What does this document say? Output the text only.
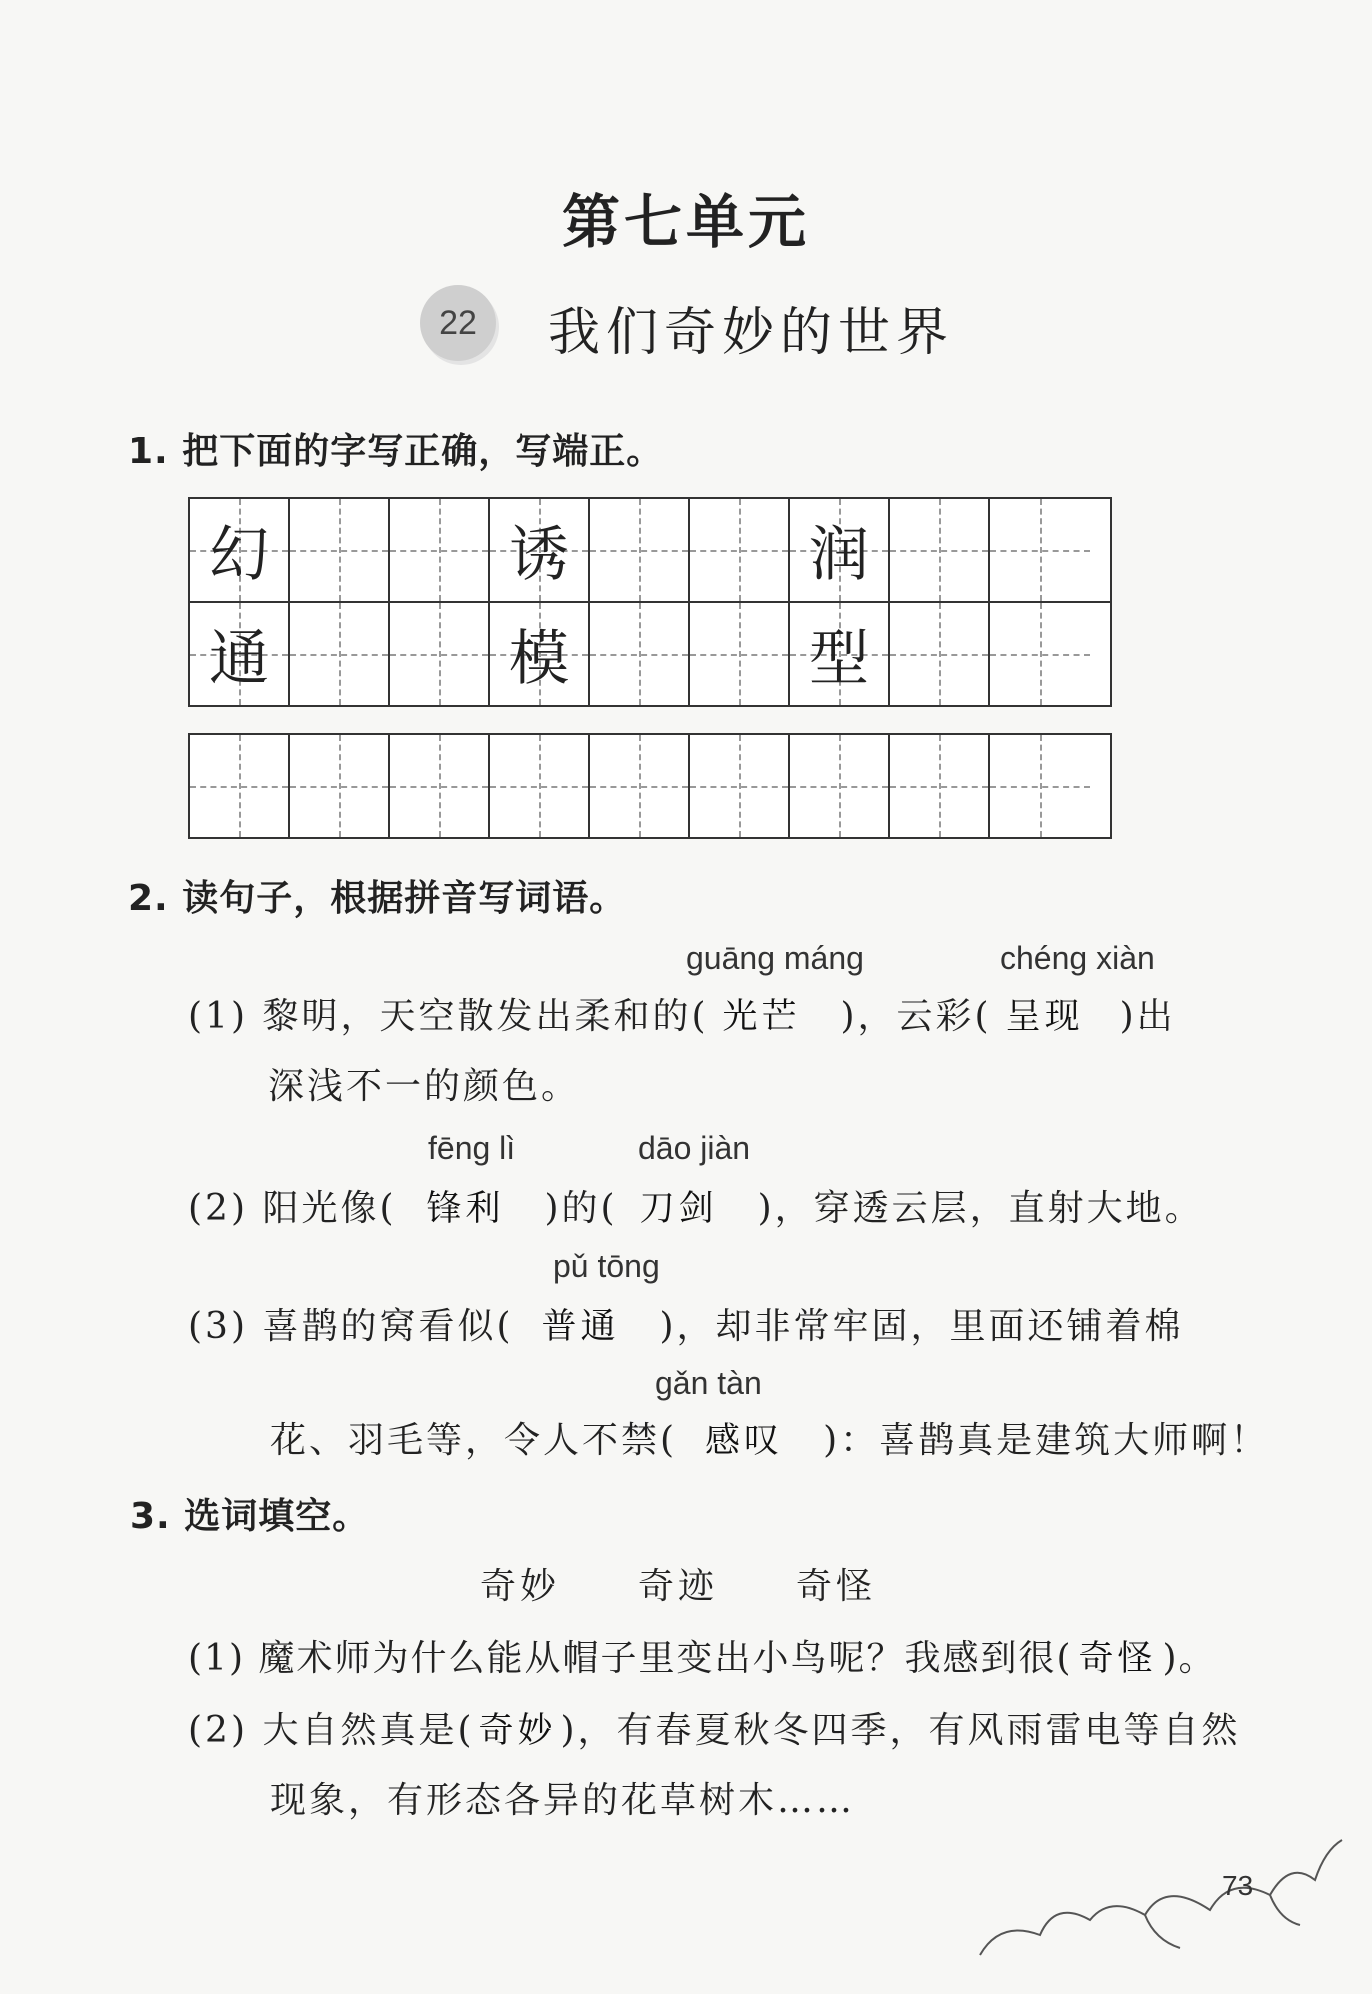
第七单元
22	我们奇妙的世界
1. 把下面的字写正确，写端正。
幻	诱	润
通	模	型
2. 读句子，根据拼音写词语。
guāng máng	chéng xiàn
(1) 黎明，天空散发出柔和的( 光芒 )，云彩( 呈现 )出
深浅不一的颜色。
fēng lì	dāo jiàn
(2) 阳光像( 锋利 )的( 刀剑 )，穿透云层，直射大地。
pǔ tōng
(3) 喜鹊的窝看似( 普通 )，却非常牢固，里面还铺着棉
gǎn tàn
花、羽毛等，令人不禁( 感叹 )：喜鹊真是建筑大师啊！
3. 选词填空。
奇妙 奇迹 奇怪
(1) 魔术师为什么能从帽子里变出小鸟呢？我感到很( 奇怪 )。
(2) 大自然真是( 奇妙 )，有春夏秋冬四季，有风雨雷电等自然
现象，有形态各异的花草树木……
73
